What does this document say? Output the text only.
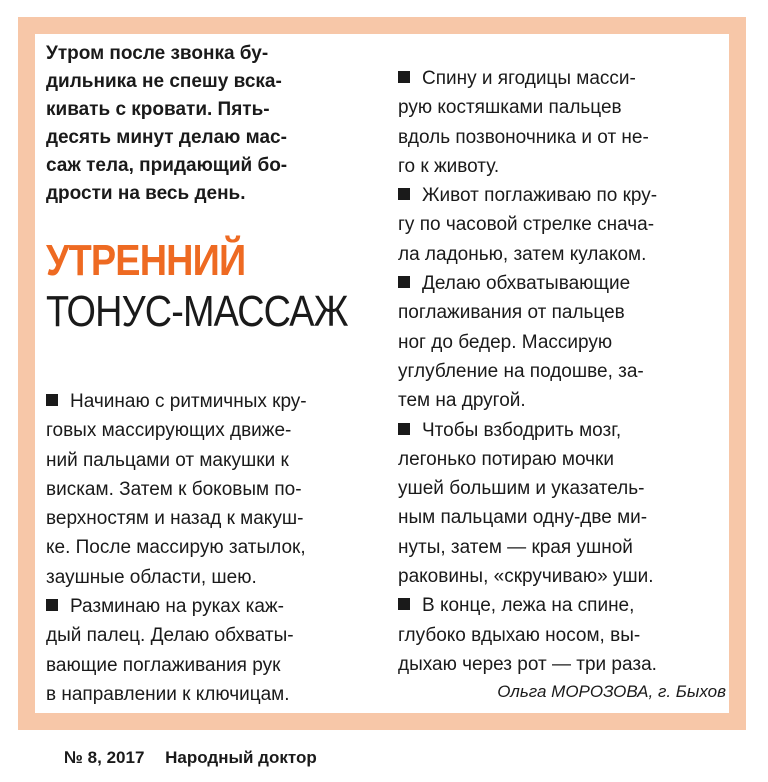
Утром после звонка бу-
дильника не спешу вска-
кивать с кровати. Пять-
десять минут делаю мас-
саж тела, придающий бо-
дрости на весь день.

УТРЕННИЙ
ТОНУС-МАССАЖ
Начинаю с ритмичных кру-
говых массирующих движе-
ний пальцами от макушки к
вискам. Затем к боковым по-
верхностям и назад к макуш-
ке. После массирую затылок,
заушные области, шею.
Разминаю на руках каж-
дый палец. Делаю обхваты-
вающие поглаживания рук
в направлении к ключицам.
Спину и ягодицы масси-
рую костяшками пальцев
вдоль позвоночника и от не-
го к животу.
Живот поглаживаю по кру-
гу по часовой стрелке снача-
ла ладонью, затем кулаком.
Делаю обхватывающие
поглаживания от пальцев
ног до бедер. Массирую
углубление на подошве, за-
тем на другой.
Чтобы взбодрить мозг,
легонько потираю мочки
ушей большим и указатель-
ным пальцами одну-две ми-
нуты, затем — края ушной
раковины, «скручиваю» уши.
В конце, лежа на спине,
глубоко вдыхаю носом, вы-
дыхаю через рот — три раза.
Ольга МОРОЗОВА, г. Быхов
№ 8, 2017 Народный доктор
